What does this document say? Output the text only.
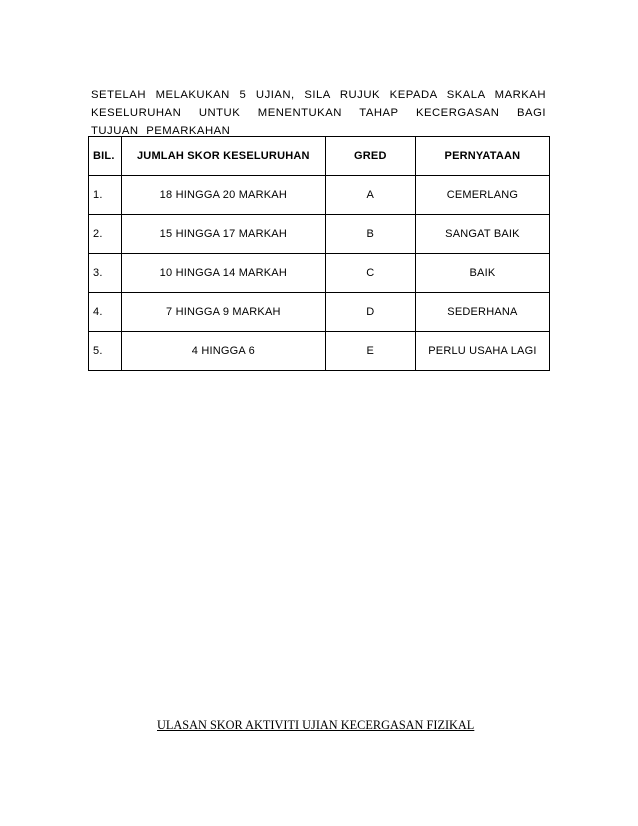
SETELAH MELAKUKAN 5 UJIAN, SILA RUJUK KEPADA SKALA MARKAH KESELURUHAN UNTUK MENENTUKAN TAHAP KECERGASAN BAGI TUJUAN PEMARKAHAN

BIL.	JUMLAH SKOR KESELURUHAN	GRED	PERNYATAAN
1.	18 HINGGA 20 MARKAH	A	CEMERLANG
2.	15 HINGGA 17 MARKAH	B	SANGAT BAIK
3.	10 HINGGA 14 MARKAH	C	BAIK
4.	7 HINGGA 9 MARKAH	D	SEDERHANA
5.	4 HINGGA 6	E	PERLU USAHA LAGI
ULASAN SKOR AKTIVITI UJIAN KECERGASAN FIZIKAL
